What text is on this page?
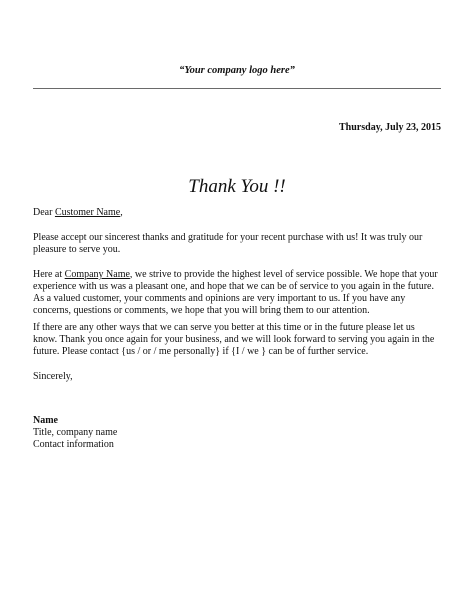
“Your company logo here”
Thursday, July 23, 2015
Thank You !!
Dear Customer Name,

Please accept our sincerest thanks and gratitude for your recent purchase with us! It was truly our pleasure to serve you.

Here at Company Name, we strive to provide the highest level of service possible. We hope that your experience with us was a pleasant one, and hope that we can be of service to you again in the future. As a valued customer, your comments and opinions are very important to us. If you have any concerns, questions or comments, we hope that you will bring them to our attention.

If there are any other ways that we can serve you better at this time or in the future please let us know. Thank you once again for your business, and we will look forward to serving you again in the future. Please contact {us / or / me personally} if {I / we } can be of further service.

Sincerely,
Name
Title, company name
Contact information
